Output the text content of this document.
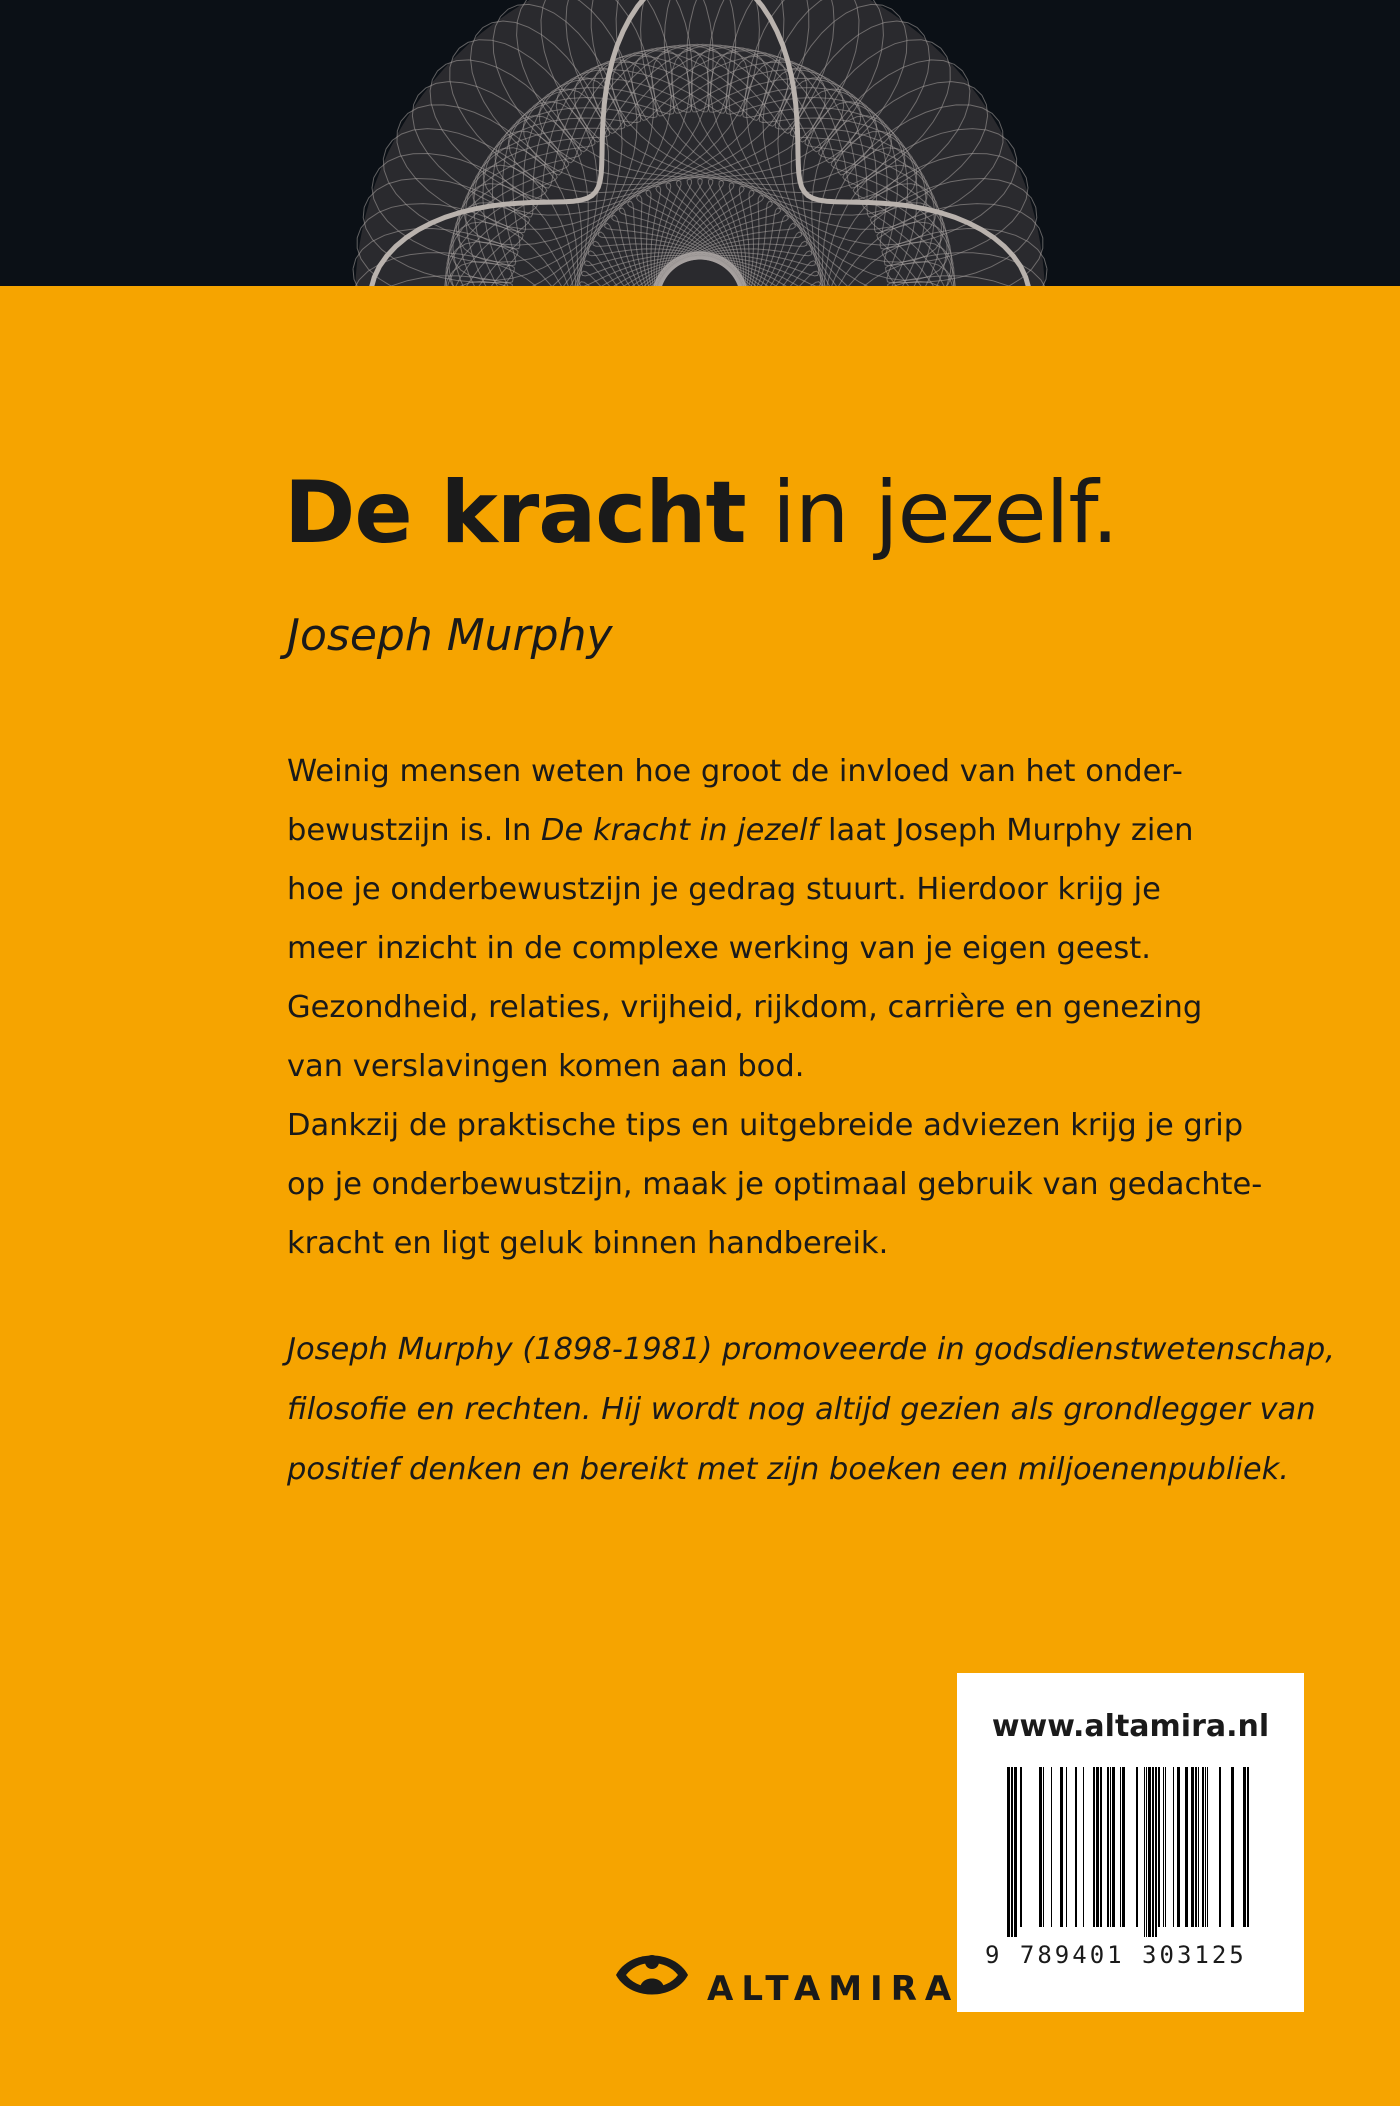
De kracht in jezelf.
Joseph Murphy

Weinig mensen weten hoe groot de invloed van het onder-

bewustzijn is. In De kracht in jezelf laat Joseph Murphy zien

hoe je onderbewustzijn je gedrag stuurt. Hierdoor krijg je

meer inzicht in de complexe werking van je eigen geest.

Gezondheid, relaties, vrijheid, rijkdom, carrière en genezing

van verslavingen komen aan bod.

Dankzij de praktische tips en uitgebreide adviezen krijg je grip

op je onderbewustzijn, maak je optimaal gebruik van gedachte-

kracht en ligt geluk binnen handbereik.

Joseph Murphy (1898-1981) promoveerde in godsdienstwetenschap,

filosofie en rechten. Hij wordt nog altijd gezien als grondlegger van

positief denken en bereikt met zijn boeken een miljoenenpubliek.

www.altamira.nl
9 789401 303125
ALTAMIRA
